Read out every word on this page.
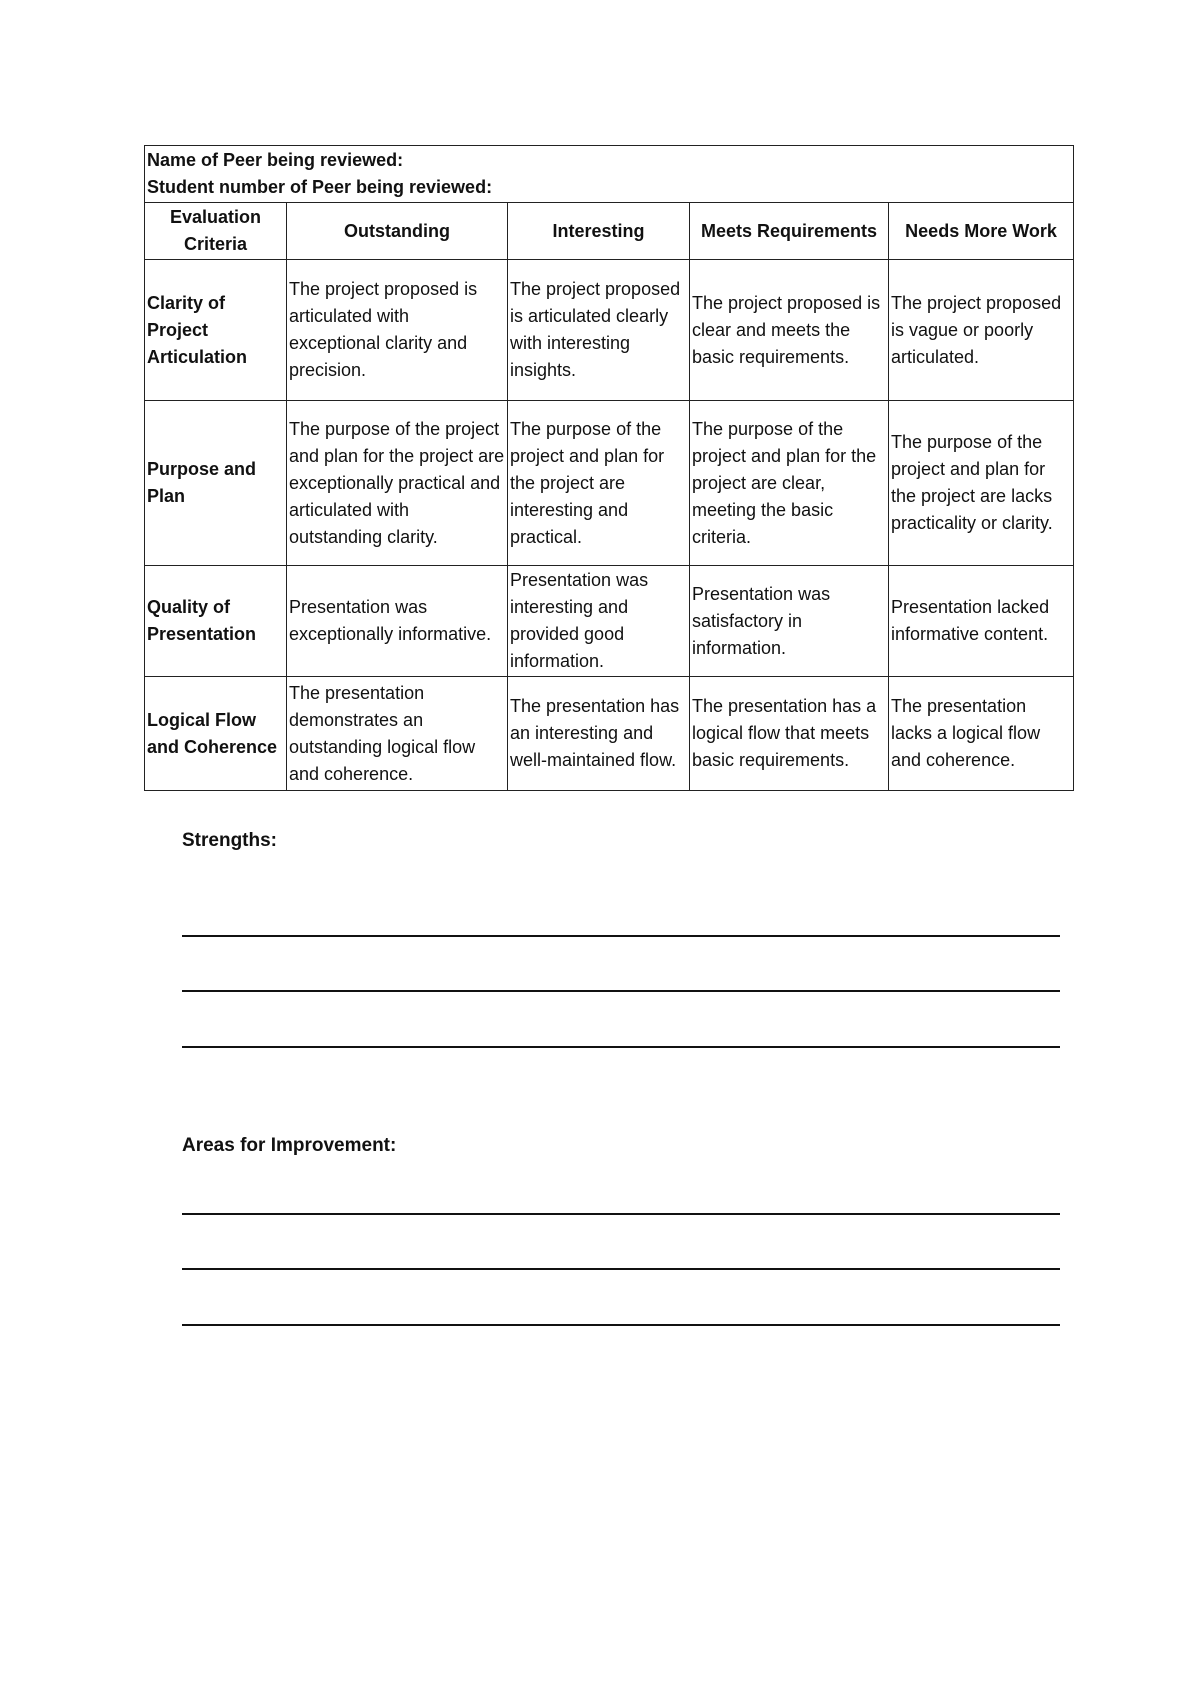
Name of Peer being reviewed:
Student number of Peer being reviewed:				

Evaluation Criteria	Outstanding	Interesting	Meets Requirements	Needs More Work
Clarity of Project Articulation	The project proposed is articulated with exceptional clarity and precision.	The project proposed is articulated clearly with interesting insights.	The project proposed is clear and meets the basic requirements.	The project proposed is vague or poorly articulated.
Purpose and Plan	The purpose of the project and plan for the project are exceptionally practical and articulated with outstanding clarity.	The purpose of the project and plan for the project are interesting and practical.	The purpose of the project and plan for the project are clear, meeting the basic criteria.	The purpose of the project and plan for the project are lacks practicality or clarity.
Quality of Presentation	Presentation was exceptionally informative.	Presentation was interesting and provided good information.	Presentation was satisfactory in information.	Presentation lacked informative content.
Logical Flow and Coherence	The presentation demonstrates an outstanding logical flow and coherence.	The presentation has an interesting and well-maintained flow.	The presentation has a logical flow that meets basic requirements.	The presentation lacks a logical flow and coherence.
Strengths:
Areas for Improvement:
